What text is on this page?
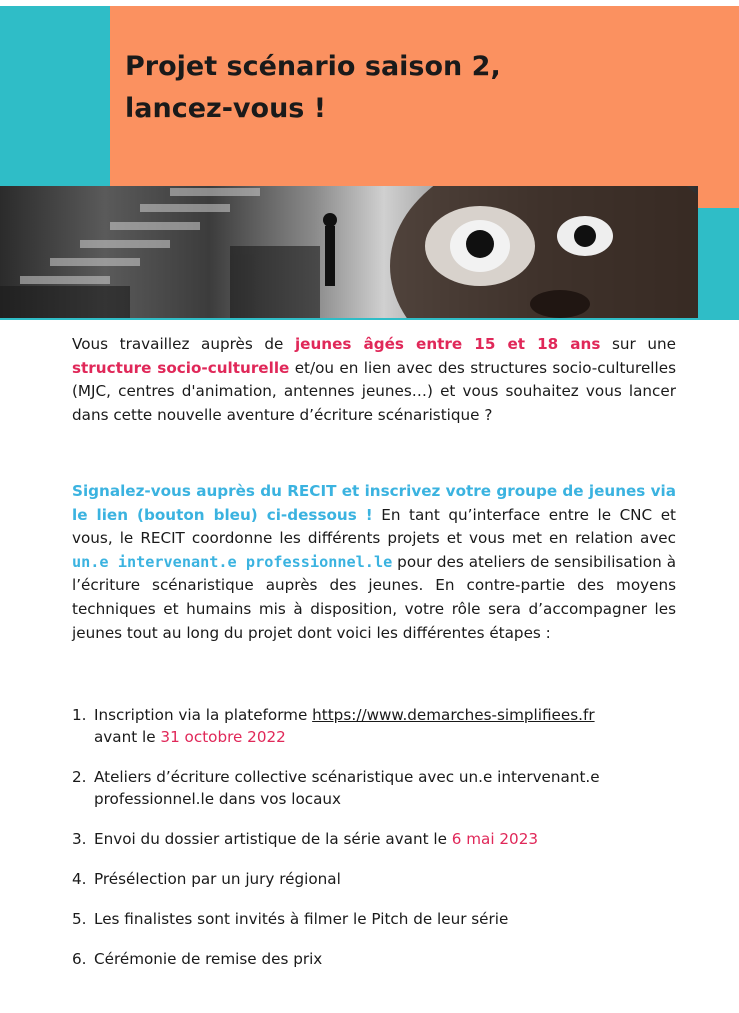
Projet scénario saison 2,
lancez-vous !

Vous travaillez auprès de jeunes âgés entre 15 et 18 ans sur une structure socio-culturelle et/ou en lien avec des structures socio-culturelles (MJC, centres d'animation, antennes jeunes…) et vous souhaitez vous lancer dans cette nouvelle aventure d’écriture scénaristique ?

Signalez-vous auprès du RECIT et inscrivez votre groupe de jeunes via le lien (bouton bleu) ci-dessous ! En tant qu’interface entre le CNC et vous, le RECIT coordonne les différents projets et vous met en relation avec un.e intervenant.e professionnel.le pour des ateliers de sensibilisation à l’écriture scénaristique auprès des jeunes. En contre-partie des moyens techniques et humains mis à disposition, votre rôle sera d’accompagner les jeunes tout au long du projet dont voici les différentes étapes :

1. Inscription via la plateforme https://www.demarches-simplifiees.fr
avant le 31 octobre 2022
2. Ateliers d’écriture collective scénaristique avec un.e intervenant.e
professionnel.le dans vos locaux
3. Envoi du dossier artistique de la série avant le 6 mai 2023
4. Présélection par un jury régional
5. Les finalistes sont invités à filmer le Pitch de leur série
6. Cérémonie de remise des prix
